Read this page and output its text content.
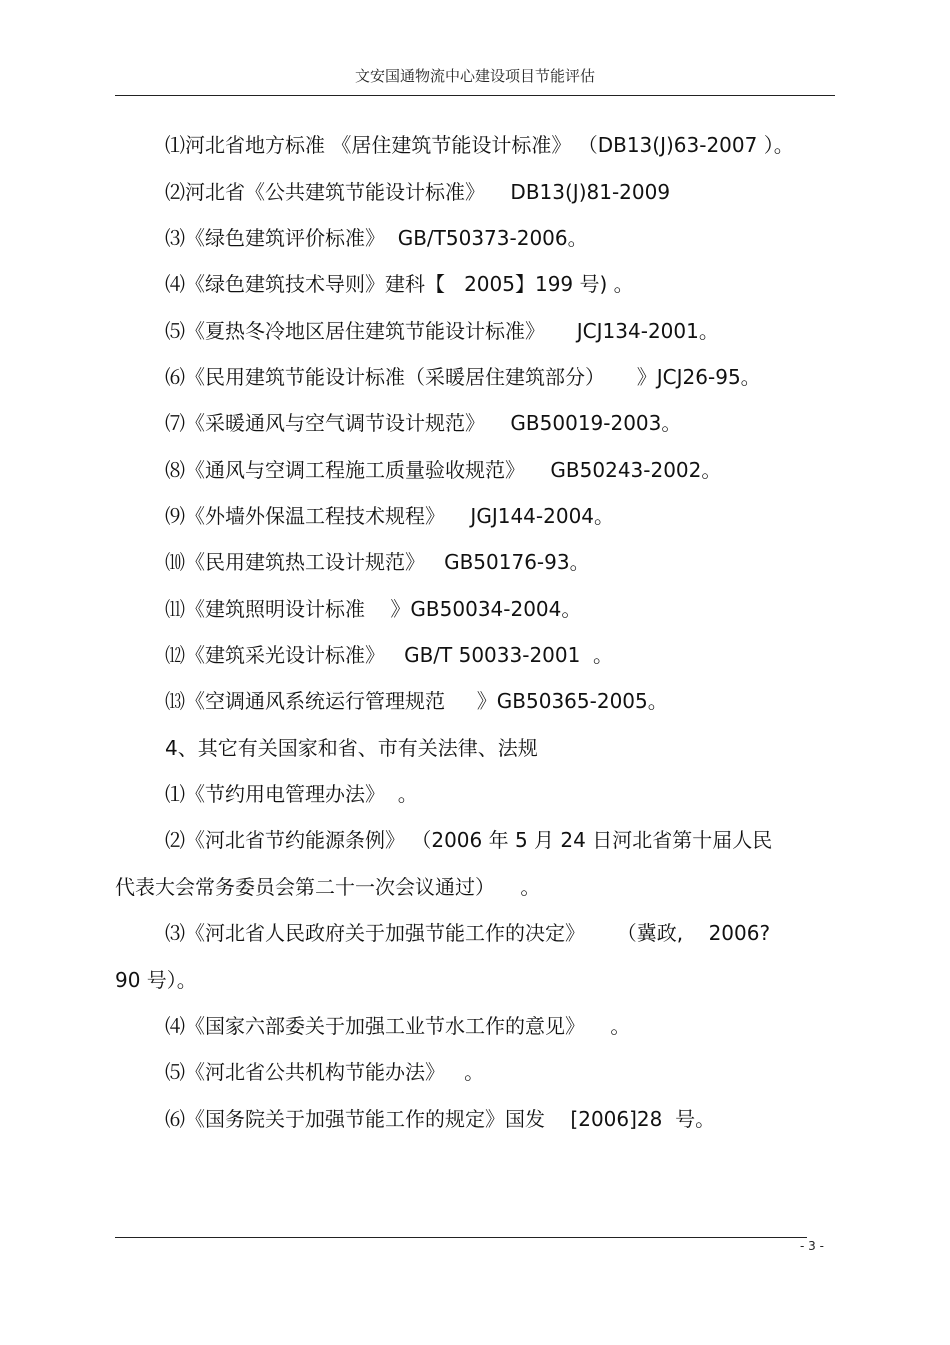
文安国通物流中心建设项目节能评估
⑴河北省地方标准 《居住建筑节能设计标准》 （DB13(J)63-2007 ）。
⑵河北省《公共建筑节能设计标准》    DB13(J)81-2009
⑶《绿色建筑评价标准》  GB/T50373-2006。
⑷《绿色建筑技术导则》建科【   2005】199 号) 。
⑸《夏热冬冷地区居住建筑节能设计标准》     JCJ134-2001。
⑹《民用建筑节能设计标准（采暖居住建筑部分）     》JCJ26-95。
⑺《采暖通风与空气调节设计规范》    GB50019-2003。
⑻《通风与空调工程施工质量验收规范》    GB50243-2002。
⑼《外墙外保温工程技术规程》    JGJ144-2004。
⑽《民用建筑热工设计规范》   GB50176-93。
⑾《建筑照明设计标准    》GB50034-2004。
⑿《建筑采光设计标准》   GB/T 50033-2001  。
⒀《空调通风系统运行管理规范     》GB50365-2005。
4、其它有关国家和省、市有关法律、法规
⑴《节约用电管理办法》  。
⑵《河北省节约能源条例》 （2006 年 5 月 24 日河北省第十届人民
代表大会常务委员会第二十一次会议通过）    。
⑶《河北省人民政府关于加强节能工作的决定》     （冀政,    2006?
90 号）。
⑷《国家六部委关于加强工业节水工作的意见》    。
⑸《河北省公共机构节能办法》   。
⑹《国务院关于加强节能工作的规定》国发    [2006]28  号。
- 3 -
